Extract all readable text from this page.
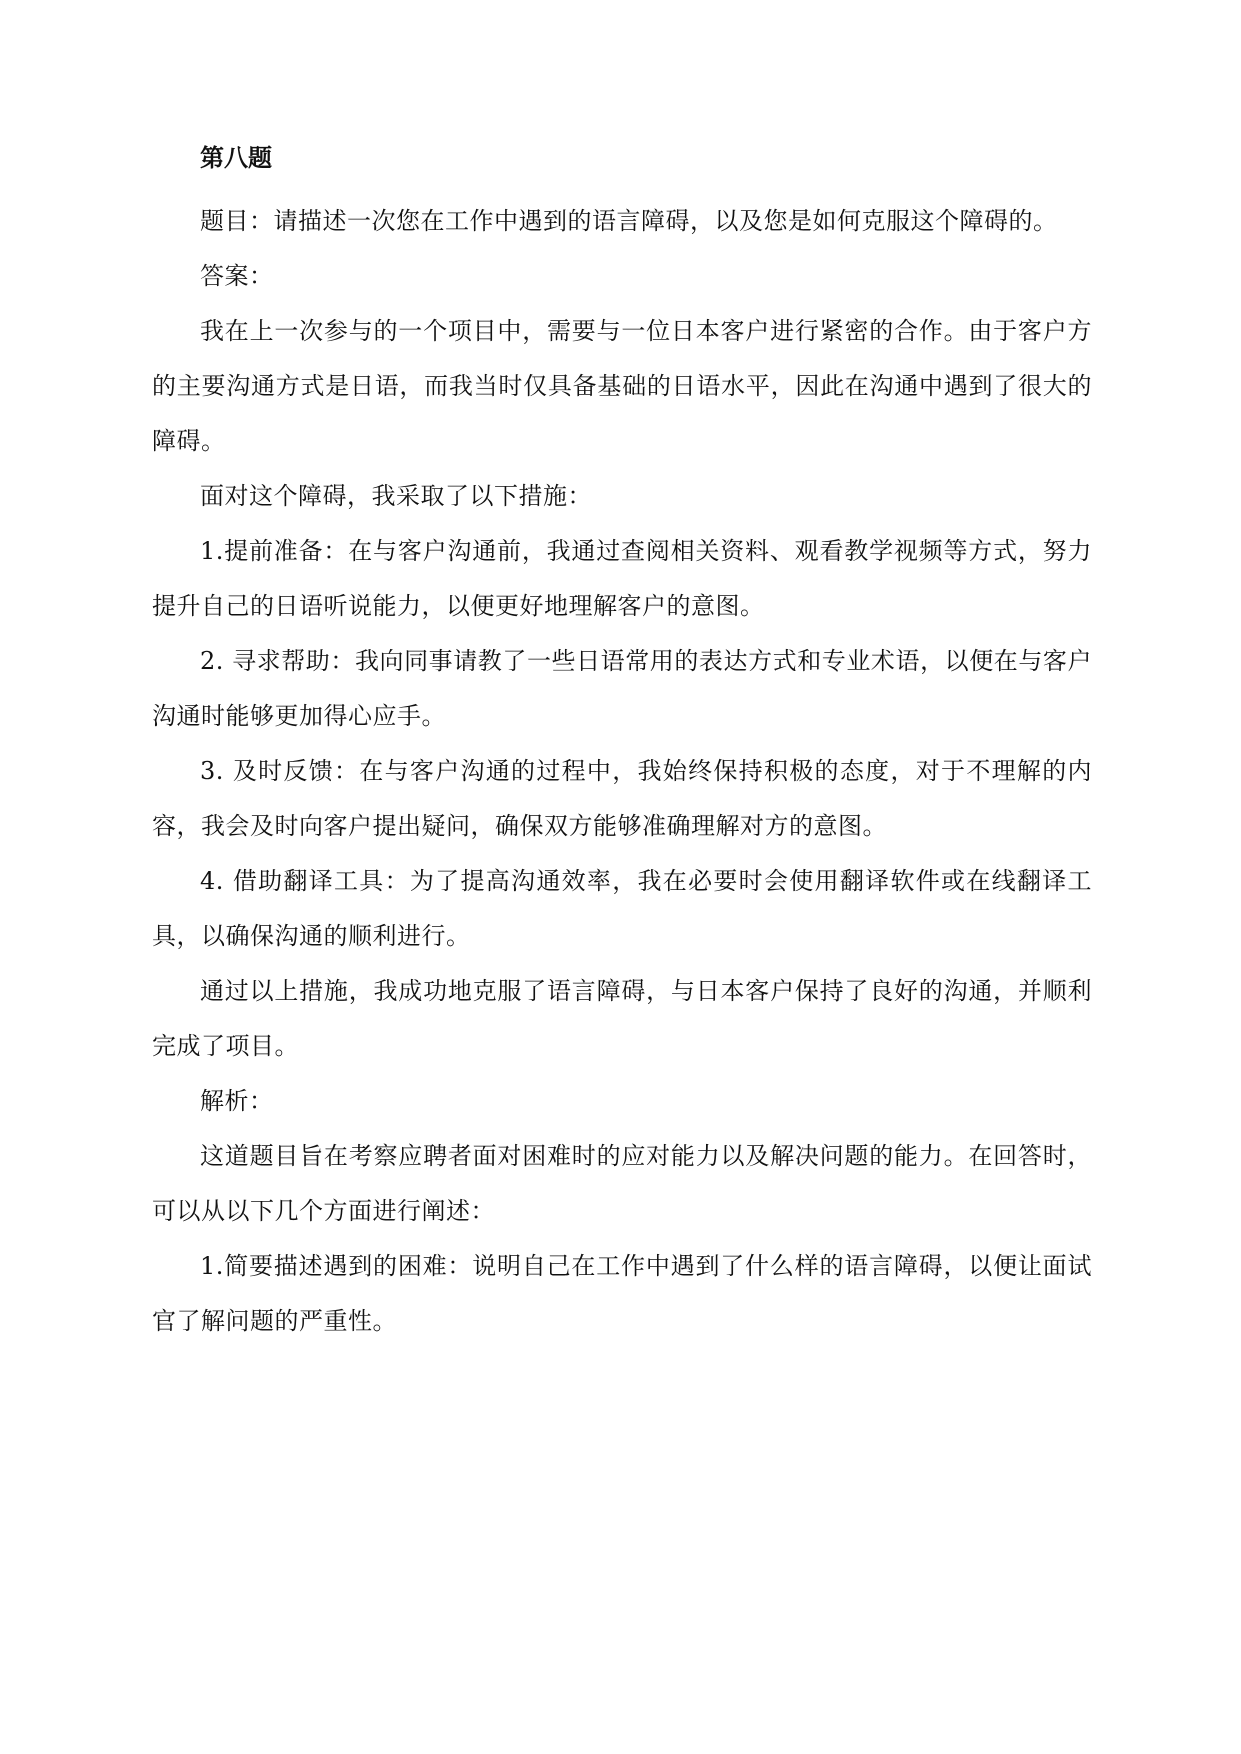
第八题

题目：请描述一次您在工作中遇到的语言障碍，以及您是如何克服这个障碍的。

答案：

我在上一次参与的一个项目中，需要与一位日本客户进行紧密的合作。由于客户方的主要沟通方式是日语，而我当时仅具备基础的日语水平，因此在沟通中遇到了很大的障碍。

面对这个障碍，我采取了以下措施：

1.提前准备：在与客户沟通前，我通过查阅相关资料、观看教学视频等方式，努力提升自己的日语听说能力，以便更好地理解客户的意图。

2. 寻求帮助：我向同事请教了一些日语常用的表达方式和专业术语，以便在与客户沟通时能够更加得心应手。

3. 及时反馈：在与客户沟通的过程中，我始终保持积极的态度，对于不理解的内容，我会及时向客户提出疑问，确保双方能够准确理解对方的意图。

4. 借助翻译工具：为了提高沟通效率，我在必要时会使用翻译软件或在线翻译工具，以确保沟通的顺利进行。

通过以上措施，我成功地克服了语言障碍，与日本客户保持了良好的沟通，并顺利完成了项目。

解析：

这道题目旨在考察应聘者面对困难时的应对能力以及解决问题的能力。在回答时，可以从以下几个方面进行阐述：

1.简要描述遇到的困难：说明自己在工作中遇到了什么样的语言障碍，以便让面试官了解问题的严重性。
